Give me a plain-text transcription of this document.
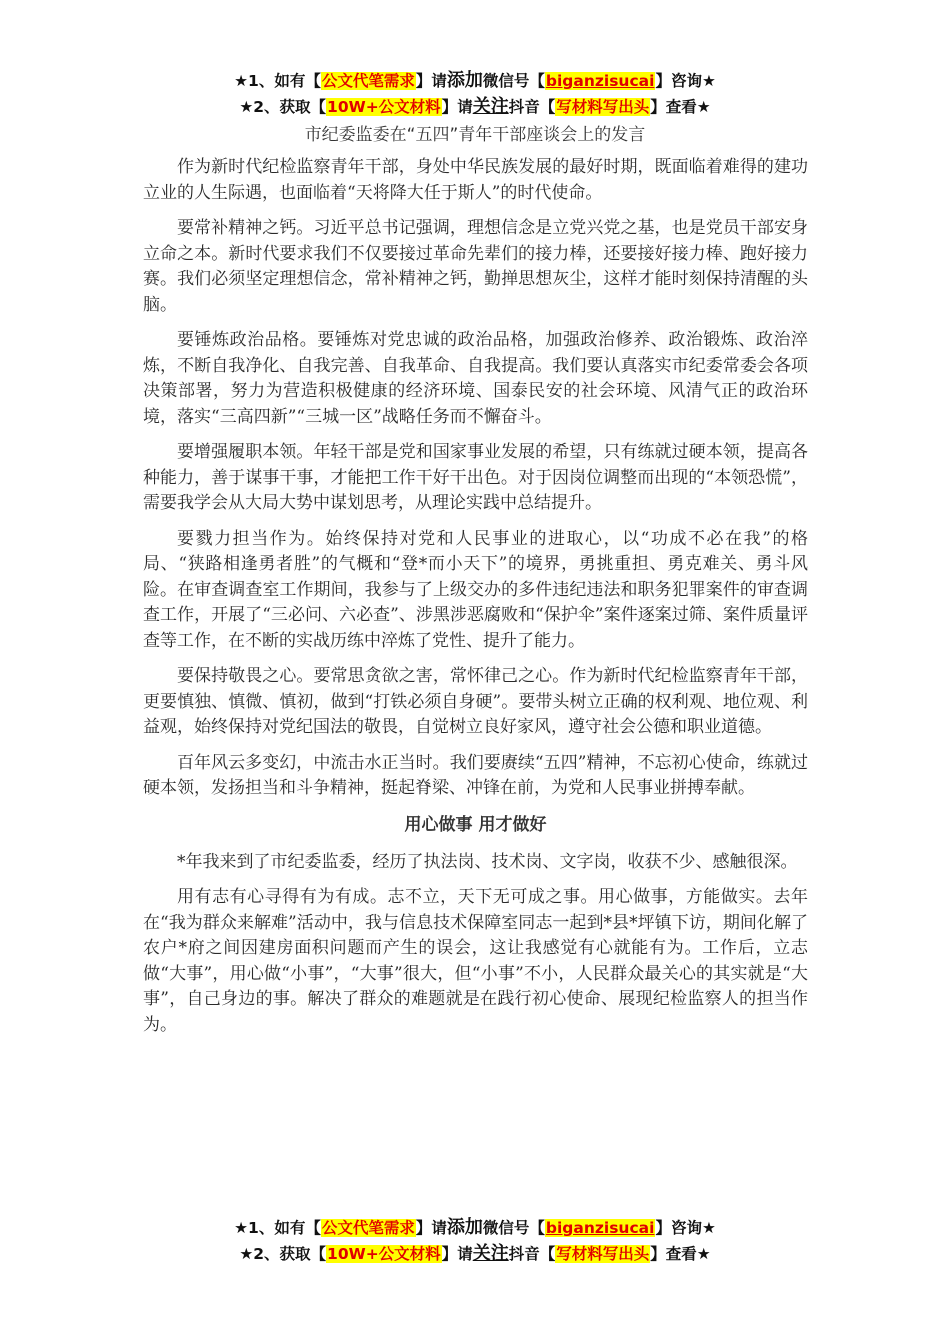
★1、如有【公文代笔需求】请添加微信号【biganzisucai】咨询★
★2、获取【10W+公文材料】请关注抖音【写材料写出头】查看★
市纪委监委在“五四”青年干部座谈会上的发言

作为新时代纪检监察青年干部，身处中华民族发展的最好时期，既面临着难得的建功立业的人生际遇，也面临着“天将降大任于斯人”的时代使命。

要常补精神之钙。习近平总书记强调，理想信念是立党兴党之基，也是党员干部安身立命之本。新时代要求我们不仅要接过革命先辈们的接力棒，还要接好接力棒、跑好接力赛。我们必须坚定理想信念，常补精神之钙，勤掸思想灰尘，这样才能时刻保持清醒的头脑。

要锤炼政治品格。要锤炼对党忠诚的政治品格，加强政治修养、政治锻炼、政治淬炼，不断自我净化、自我完善、自我革命、自我提高。我们要认真落实市纪委常委会各项决策部署，努力为营造积极健康的经济环境、国泰民安的社会环境、风清气正的政治环境，落实“三高四新”“三城一区”战略任务而不懈奋斗。

要增强履职本领。年轻干部是党和国家事业发展的希望，只有练就过硬本领，提高各种能力，善于谋事干事，才能把工作干好干出色。对于因岗位调整而出现的“本领恐慌”，需要我学会从大局大势中谋划思考，从理论实践中总结提升。

要戮力担当作为。始终保持对党和人民事业的进取心，以“功成不必在我”的格局、“狭路相逢勇者胜”的气概和“登*而小天下”的境界，勇挑重担、勇克难关、勇斗风险。在审查调查室工作期间，我参与了上级交办的多件违纪违法和职务犯罪案件的审查调查工作，开展了“三必问、六必查”、涉黑涉恶腐败和“保护伞”案件逐案过筛、案件质量评查等工作，在不断的实战历练中淬炼了党性、提升了能力。

要保持敬畏之心。要常思贪欲之害，常怀律己之心。作为新时代纪检监察青年干部，更要慎独、慎微、慎初，做到“打铁必须自身硬”。要带头树立正确的权利观、地位观、利益观，始终保持对党纪国法的敬畏，自觉树立良好家风，遵守社会公德和职业道德。

百年风云多变幻，中流击水正当时。我们要赓续“五四”精神，不忘初心使命，练就过硬本领，发扬担当和斗争精神，挺起脊梁、冲锋在前，为党和人民事业拼搏奉献。

用心做事 用才做好

*年我来到了市纪委监委，经历了执法岗、技术岗、文字岗，收获不少、感触很深。

用有志有心寻得有为有成。志不立，天下无可成之事。用心做事，方能做实。去年在“我为群众来解难”活动中，我与信息技术保障室同志一起到*县*坪镇下访，期间化解了农户*府之间因建房面积问题而产生的误会，这让我感觉有心就能有为。工作后，立志做“大事”，用心做“小事”，“大事”很大，但“小事”不小，人民群众最关心的其实就是“大事”，自己身边的事。解决了群众的难题就是在践行初心使命、展现纪检监察人的担当作为。

★1、如有【公文代笔需求】请添加微信号【biganzisucai】咨询★
★2、获取【10W+公文材料】请关注抖音【写材料写出头】查看★
